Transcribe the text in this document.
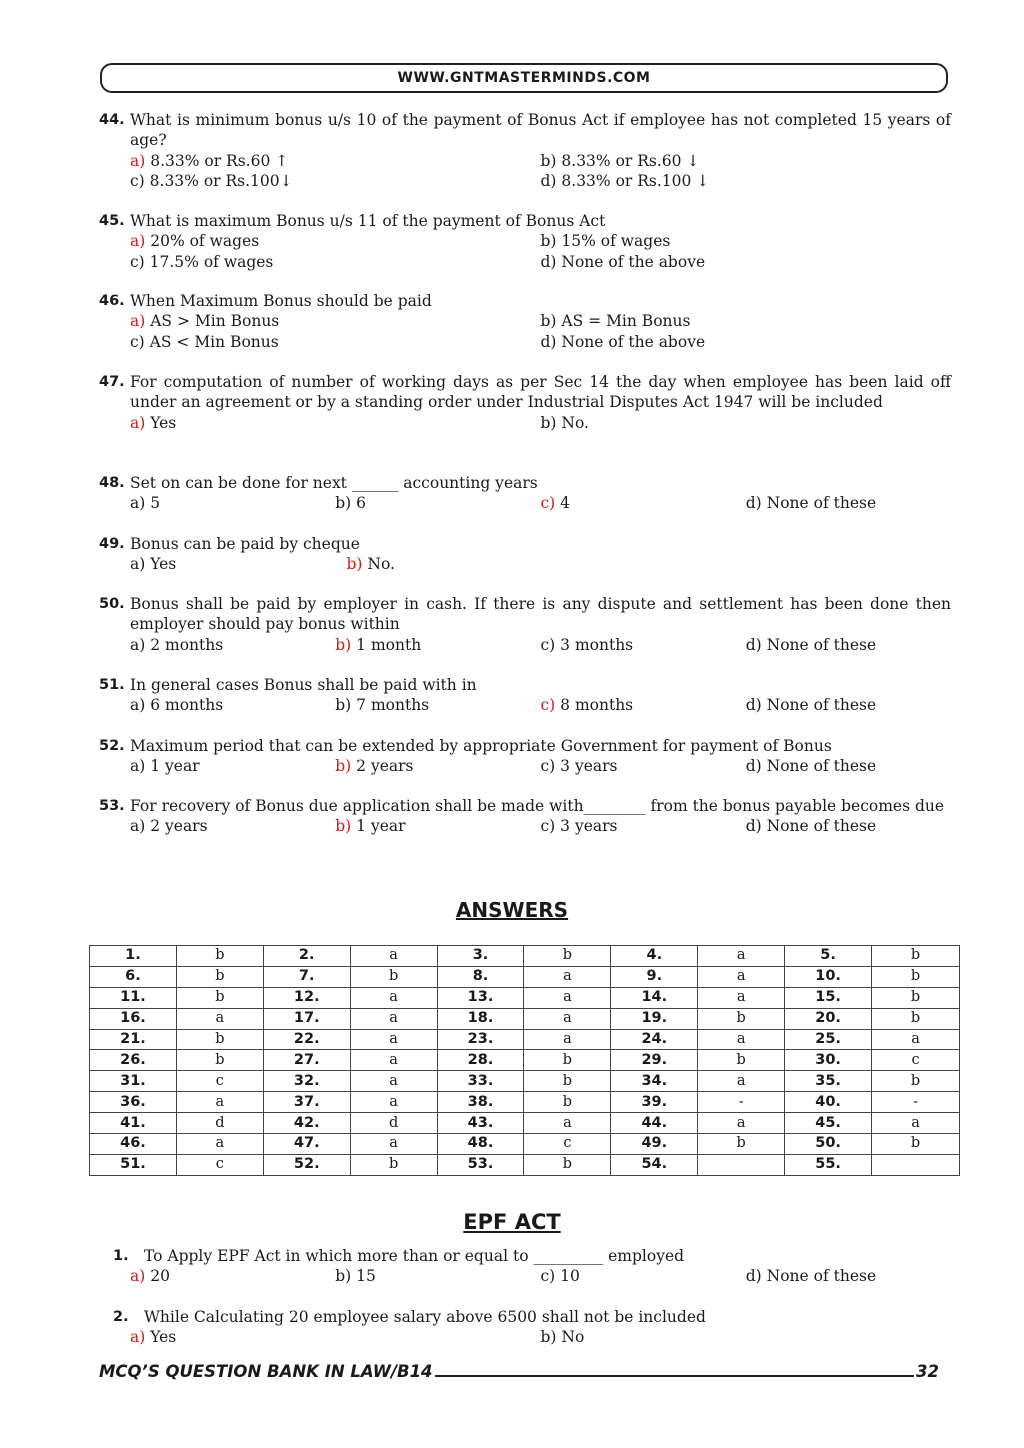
WWW.GNTMASTERMINDS.COM
44. What is minimum bonus u/s 10 of the payment of Bonus Act if employee has not completed 15 years of age?
a) 8.33% or Rs.60 ↑	b) 8.33% or Rs.60 ↓
c) 8.33% or Rs.100↓	d) 8.33% or Rs.100 ↓
45. What is maximum Bonus u/s 11 of the payment of Bonus Act
a) 20% of wages	b) 15% of wages
c) 17.5% of wages	d) None of the above
46. When Maximum Bonus should be paid
a) AS > Min Bonus	b) AS = Min Bonus
c) AS < Min Bonus	d) None of the above
47. For computation of number of working days as per Sec 14 the day when employee has been laid off under an agreement or by a standing order under Industrial Disputes Act 1947 will be included
a) Yes	b) No.
48. Set on can be done for next ______ accounting years
a) 5	b) 6	c) 4	d) None of these
49. Bonus can be paid by cheque
a) Yes	b) No.
50. Bonus shall be paid by employer in cash. If there is any dispute and settlement has been done then employer should pay bonus within
a) 2 months	b) 1 month	c) 3 months	d) None of these
51. In general cases Bonus shall be paid with in
a) 6 months	b) 7 months	c) 8 months	d) None of these
52. Maximum period that can be extended by appropriate Government for payment of Bonus
a) 1 year	b) 2 years	c) 3 years	d) None of these
53. For recovery of Bonus due application shall be made with________ from the bonus payable becomes due
a) 2 years	b) 1 year	c) 3 years	d) None of these
ANSWERS
1.	b	2.	a	3.	b	4.	a	5.	b
6.	b	7.	b	8.	a	9.	a	10.	b
11.	b	12.	a	13.	a	14.	a	15.	b
16.	a	17.	a	18.	a	19.	b	20.	b
21.	b	22.	a	23.	a	24.	a	25.	a
26.	b	27.	a	28.	b	29.	b	30.	c
31.	c	32.	a	33.	b	34.	a	35.	b
36.	a	37.	a	38.	b	39.	-	40.	-
41.	d	42.	d	43.	a	44.	a	45.	a
46.	a	47.	a	48.	c	49.	b	50.	b
51.	c	52.	b	53.	b	54.		55.	
EPF ACT
1. To Apply EPF Act in which more than or equal to _________ employed
a) 20	b) 15	c) 10	d) None of these
2. While Calculating 20 employee salary above 6500 shall not be included
a) Yes	b) No
MCQ’S QUESTION BANK IN LAW/B14	32
